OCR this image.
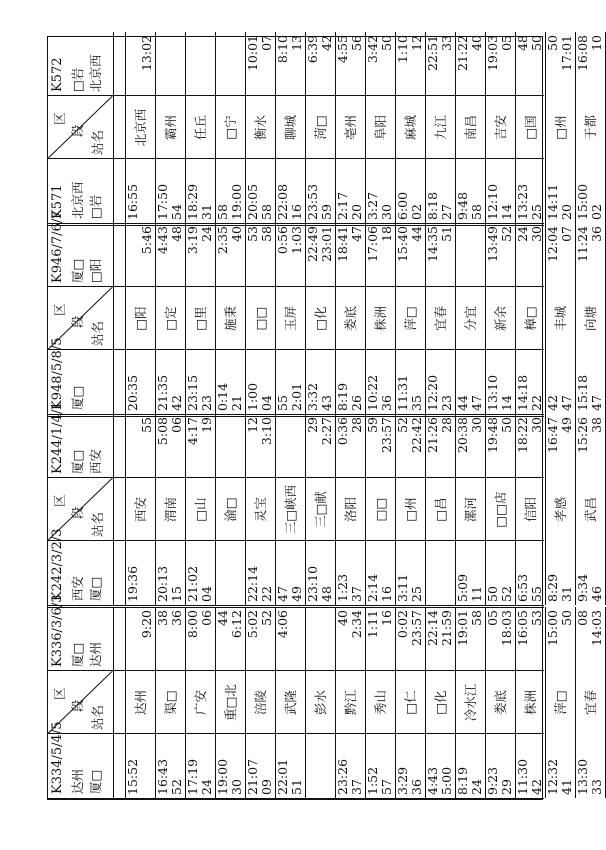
K334/5/4/5 达州 厦□
区
段 站名
K336/3/6/3 厦□ 达州
15:52
达州
9:20
16:43 52
渠□
38 36
17:19 24
广安
8:00 06
19:00 30
重□北
44 6:12
21:07 09
涪陵
5:02 52
22:01 51
武隆
4:06
彭水
23:26 37
黔江
40 2:34
1:52 57
秀山
1:11 16
3:29 36
□仁
0:02 23:57
4:43 5:00
□化
22:14 21:59
8:19 24
冷水江
19:01 58
9:23 29
娄底
05 18:03
11:30 42
株洲
16:05 53
12:32 41
萍□
15:00 50
13:30 33
宜春
08 14:03
K242/3/2/3 西安 厦□
区
段 站名
K244/1/4/1 厦□ 西安
19:36
西安
55
20:13 15
渭南
5:08 06
21:02 04
□山
4:17 19
渝□
22:14 22
灵宝
12 3:10
47 49
三□峡西
23:10 48
三□献
29 2:27
1:23 37
洛阳
0:36 28
2:14 16
□□
59 23:57
3:11 25
□州
52 22:42
□昌
21:26 28
5:09 11
漯河
20:38 30
50 52
□□店
19:48 50
6:53 55
信阳
18:22 30
8:29 31
孝感
16:47 49
9:34 46
武昌
15:26 38
K948/5/8/5 厦□
区
段 站名
K946/7/6/7 厦□ □阳
20:35
□阳
5:46
21:35 42
□定
4:43 48
23:15 23
□里
3:19 24
0:14 21
施秉
2:35 40
1:00 04
□□
53 58
55 2:01
玉屏
0:56 1:03
3:32 43
□化
22:49 23:01
8:19 26
娄底
18:41 47
10:22 36
株洲
17:06 18
11:31 35
萍□
15:40 44
12:20 23
宜春
14:35 51
44 47
分宜
13:10 14
新余
13:49 52
14:18 22
樟□
24 30
42 47
丰城
12:04 07
15:18 47
向塘
11:24 36
K571 北京西 □岩
区
段 站名
K572 □岩 北京西
16:55
北京西
13:02
17:50 54
霸州
18:29 31
任丘
58 19:00
□宁
20:05 58
衡水
10:01 07
22:08 16
聊城
8:10 13
23:53 59
菏□
6:39 42
2:17 20
亳州
4:55 56
3:27 30
阜阳
3:42 50
6:00 02
麻城
1:10 12
8:18 27
九江
22:51 33
9:48 58
南昌
21:22 40
12:10 14
吉安
19:03 05
13:23 25
□国
48 50
14:11 20
□州
50 17:01
15:00 02
于都
16:08 10
